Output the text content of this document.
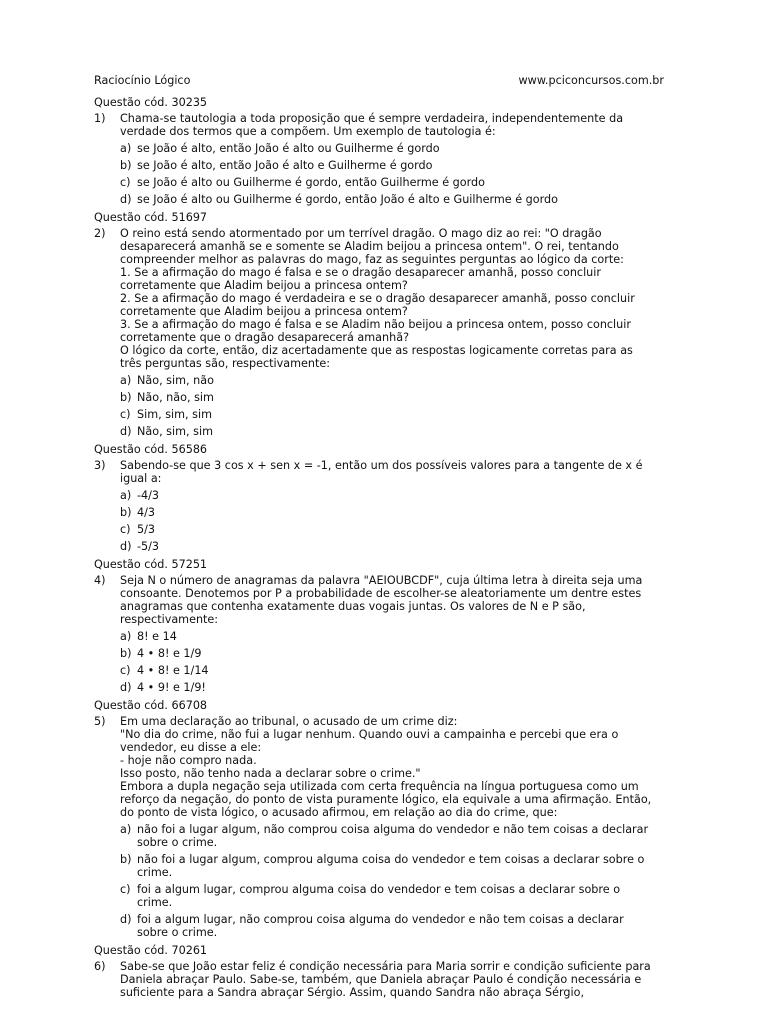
Raciocínio Lógico	www.pciconcursos.com.br
Questão cód. 30235
1)	Chama-se tautologia a toda proposição que é sempre verdadeira, independentemente da verdade dos termos que a compõem. Um exemplo de tautologia é:

a) se João é alto, então João é alto ou Guilherme é gordo
b) se João é alto, então João é alto e Guilherme é gordo
c) se João é alto ou Guilherme é gordo, então Guilherme é gordo
d) se João é alto ou Guilherme é gordo, então João é alto e Guilherme é gordo
Questão cód. 51697
2)	O reino está sendo atormentado por um terrível dragão. O mago diz ao rei: "O dragão desaparecerá amanhã se e somente se Aladim beijou a princesa ontem". O rei, tentando compreender melhor as palavras do mago, faz as seguintes perguntas ao lógico da corte:

1. Se a afirmação do mago é falsa e se o dragão desaparecer amanhã, posso concluir corretamente que Aladim beijou a princesa ontem?

2. Se a afirmação do mago é verdadeira e se o dragão desaparecer amanhã, posso concluir corretamente que Aladim beijou a princesa ontem?

3. Se a afirmação do mago é falsa e se Aladim não beijou a princesa ontem, posso concluir corretamente que o dragão desaparecerá amanhã?

O lógico da corte, então, diz acertadamente que as respostas logicamente corretas para as três perguntas são, respectivamente:

a) Não, sim, não
b) Não, não, sim
c) Sim, sim, sim
d) Não, sim, sim
Questão cód. 56586
3)	Sabendo-se que 3 cos x + sen x = -1, então um dos possíveis valores para a tangente de x é igual a:

a) -4/3
b) 4/3
c) 5/3
d) -5/3
Questão cód. 57251
4)	Seja N o número de anagramas da palavra "AEIOUBCDF", cuja última letra à direita seja uma consoante. Denotemos por P a probabilidade de escolher-se aleatoriamente um dentre estes anagramas que contenha exatamente duas vogais juntas. Os valores de N e P são, respectivamente:

a) 8! e 14
b) 4 • 8! e 1/9
c) 4 • 8! e 1/14
d) 4 • 9! e 1/9!
Questão cód. 66708
5)	Em uma declaração ao tribunal, o acusado de um crime diz:

"No dia do crime, não fui a lugar nenhum. Quando ouvi a campainha e percebi que era o vendedor, eu disse a ele:

- hoje não compro nada.

Isso posto, não tenho nada a declarar sobre o crime."

Embora a dupla negação seja utilizada com certa frequência na língua portuguesa como um reforço da negação, do ponto de vista puramente lógico, ela equivale a uma afirmação. Então, do ponto de vista lógico, o acusado afirmou, em relação ao dia do crime, que:

a) não foi a lugar algum, não comprou coisa alguma do vendedor e não tem coisas a declarar sobre o crime.
b) não foi a lugar algum, comprou alguma coisa do vendedor e tem coisas a declarar sobre o crime.
c) foi a algum lugar, comprou alguma coisa do vendedor e tem coisas a declarar sobre o crime.
d) foi a algum lugar, não comprou coisa alguma do vendedor e não tem coisas a declarar sobre o crime.
Questão cód. 70261
6)	Sabe-se que João estar feliz é condição necessária para Maria sorrir e condição suficiente para Daniela abraçar Paulo. Sabe-se, também, que Daniela abraçar Paulo é condição necessária e suficiente para a Sandra abraçar Sérgio. Assim, quando Sandra não abraça Sérgio,
